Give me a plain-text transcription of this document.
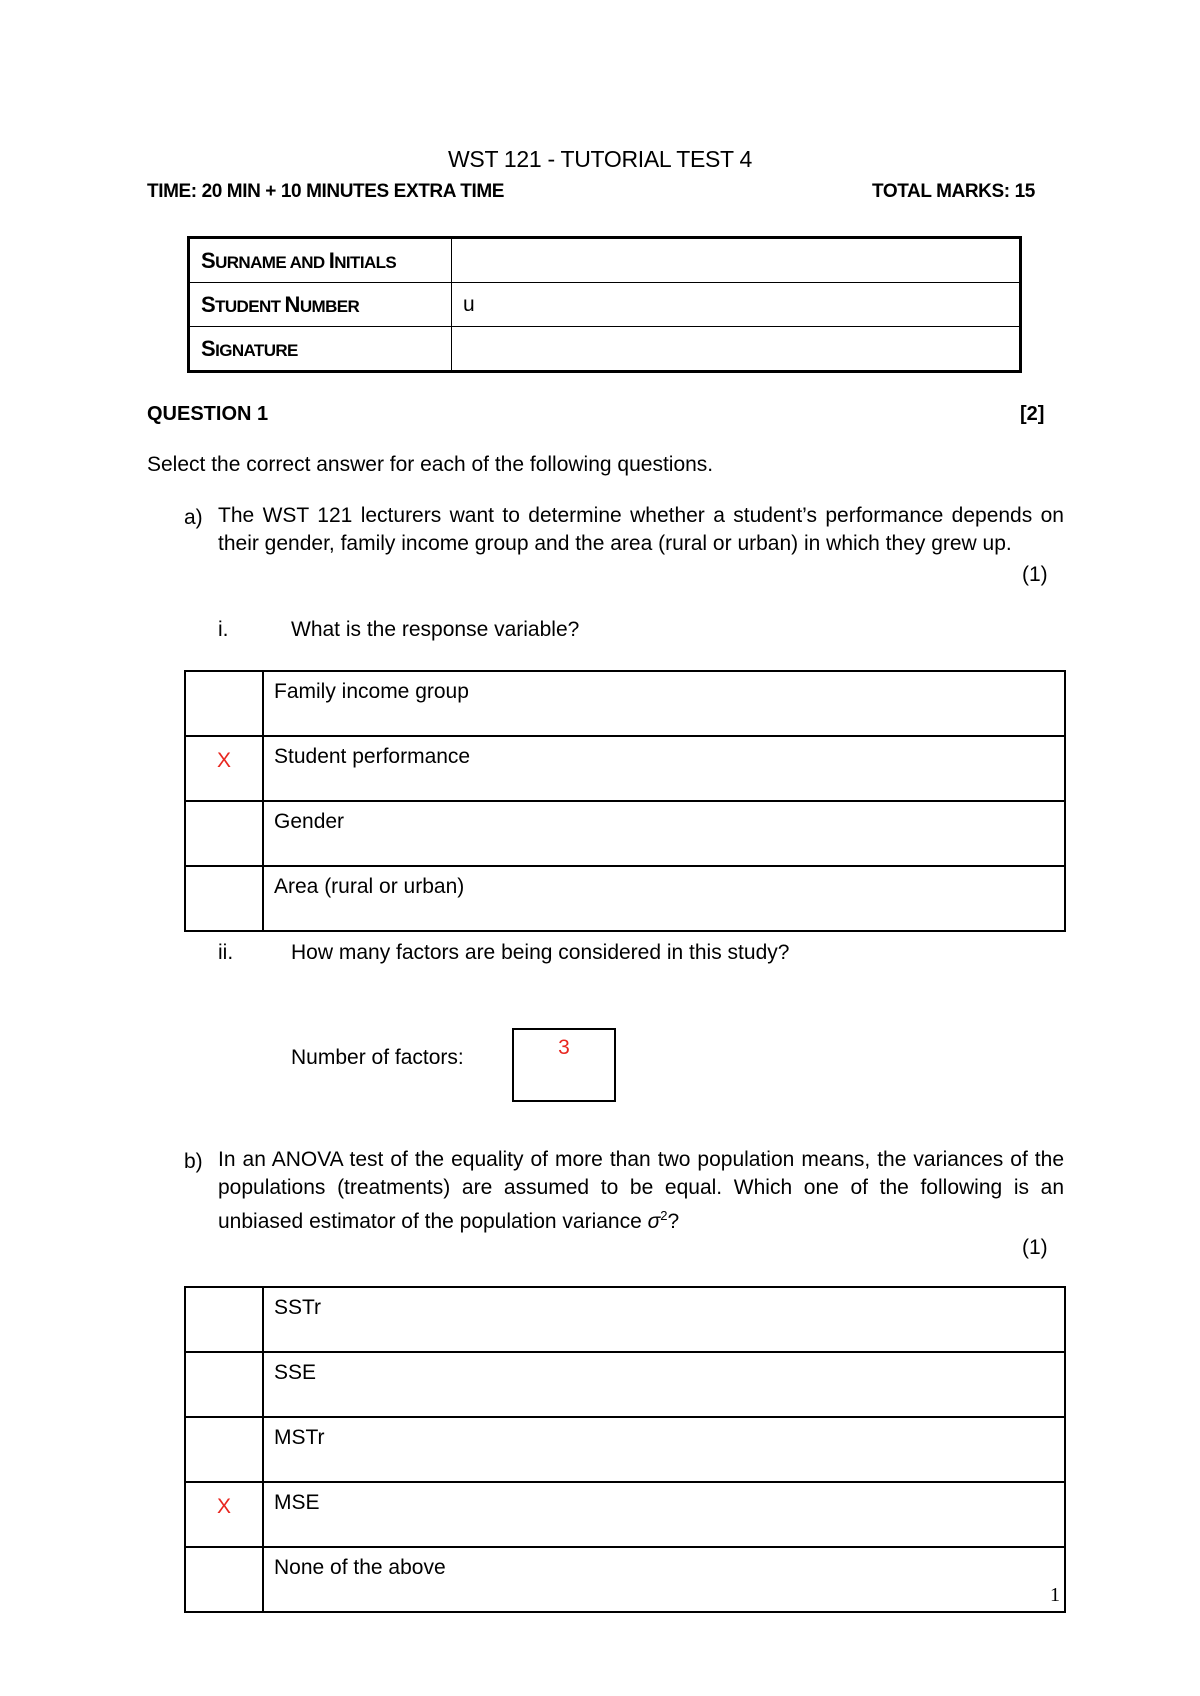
WST 121 - TUTORIAL TEST 4
TIME: 20 MIN + 10 MINUTES EXTRA TIME	TOTAL MARKS: 15
SURNAME AND INITIALS	
STUDENT NUMBER	u
SIGNATURE	
QUESTION 1	[2]
Select the correct answer for each of the following questions.
a) The WST 121 lecturers want to determine whether a student’s performance depends on their gender, family income group and the area (rural or urban) in which they grew up.
(1)
i.	What is the response variable?
	Family income group
X	Student performance
	Gender
	Area (rural or urban)
ii.	How many factors are being considered in this study?
Number of factors:	3
b) In an ANOVA test of the equality of more than two population means, the variances of the populations (treatments) are assumed to be equal. Which one of the following is an unbiased estimator of the population variance $\sigma^2$?
(1)
	SSTr
	SSE
	MSTr
X	MSE
	None of the above
1
